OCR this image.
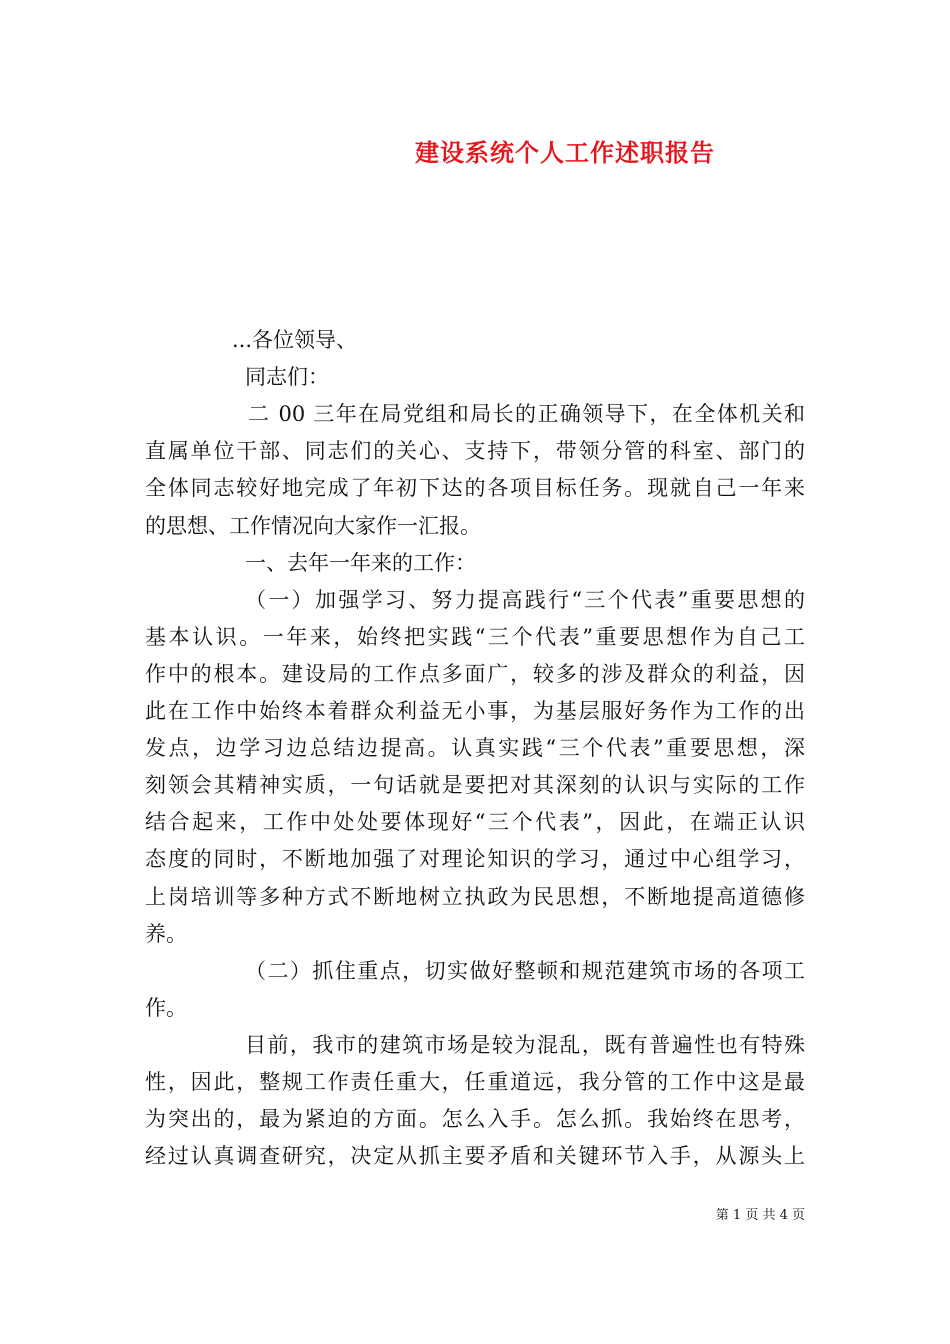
建设系统个人工作述职报告
...各位领导、
同志们：
二 00 三年在局党组和局长的正确领导下，在全体机关和
直属单位干部、同志们的关心、支持下，带领分管的科室、部门的
全体同志较好地完成了年初下达的各项目标任务。现就自己一年来
的思想、工作情况向大家作一汇报。
一、去年一年来的工作：
（一）加强学习、努力提高践行“三个代表”重要思想的
基本认识。一年来，始终把实践“三个代表”重要思想作为自己工
作中的根本。建设局的工作点多面广，较多的涉及群众的利益，因
此在工作中始终本着群众利益无小事，为基层服好务作为工作的出
发点，边学习边总结边提高。认真实践“三个代表”重要思想，深
刻领会其精神实质，一句话就是要把对其深刻的认识与实际的工作
结合起来，工作中处处要体现好“三个代表”，因此，在端正认识
态度的同时，不断地加强了对理论知识的学习，通过中心组学习，
上岗培训等多种方式不断地树立执政为民思想，不断地提高道德修
养。
（二）抓住重点，切实做好整顿和规范建筑市场的各项工
作。
目前，我市的建筑市场是较为混乱，既有普遍性也有特殊
性，因此，整规工作责任重大，任重道远，我分管的工作中这是最
为突出的，最为紧迫的方面。怎么入手。怎么抓。我始终在思考，
经过认真调查研究，决定从抓主要矛盾和关键环节入手，从源头上
第 1 页 共 4 页
